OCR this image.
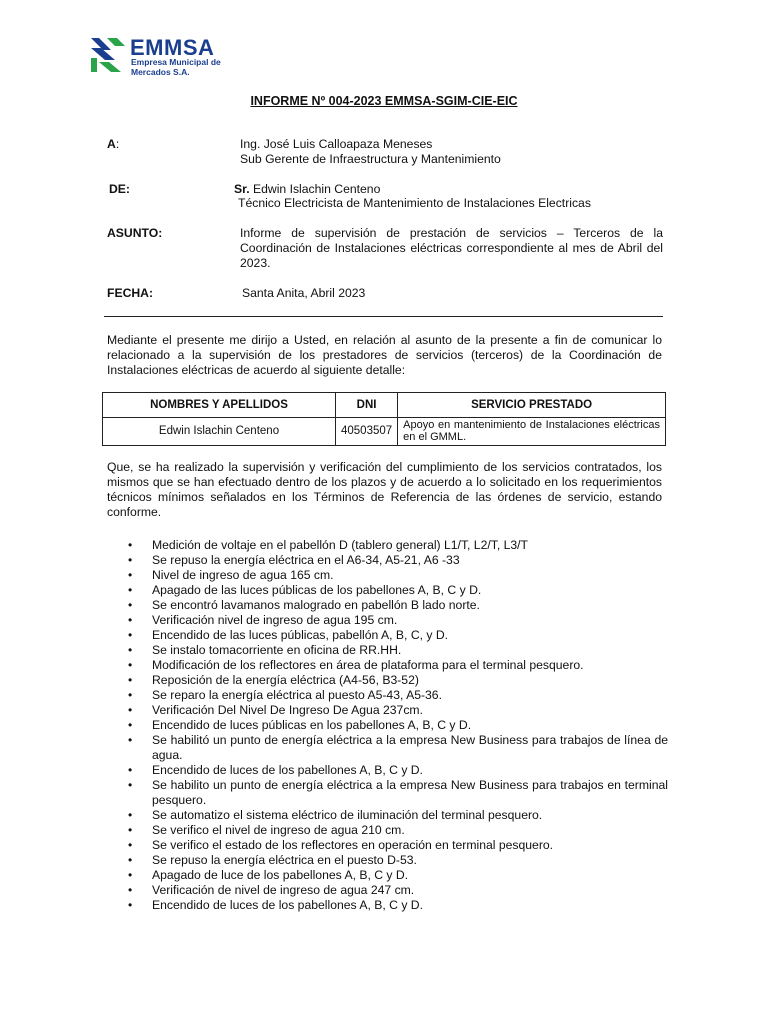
EMMSA
Empresa Municipal de Mercados S.A.
INFORME Nº 004-2023 EMMSA-SGIM-CIE-EIC
A:	Ing. José Luis Calloapaza Meneses
Sub Gerente de Infraestructura y Mantenimiento
DE:	Sr. Edwin Islachin Centeno
Técnico Electricista de Mantenimiento de Instalaciones Electricas
ASUNTO:	Informe de supervisión de prestación de servicios – Terceros de la Coordinación de Instalaciones eléctricas correspondiente al mes de Abril del 2023.
FECHA:	Santa Anita, Abril 2023
Mediante el presente me dirijo a Usted, en relación al asunto de la presente a fin de comunicar lo relacionado a la supervisión de los prestadores de servicios (terceros) de la Coordinación de Instalaciones eléctricas de acuerdo al siguiente detalle:
NOMBRES Y APELLIDOS	DNI	SERVICIO PRESTADO
Edwin Islachin Centeno	40503507	Apoyo en mantenimiento de Instalaciones eléctricas en el GMML.
Que, se ha realizado la supervisión y verificación del cumplimiento de los servicios contratados, los mismos que se han efectuado dentro de los plazos y de acuerdo a lo solicitado en los requerimientos técnicos mínimos señalados en los Términos de Referencia de las órdenes de servicio, estando conforme.
• Medición de voltaje en el pabellón D (tablero general) L1/T, L2/T, L3/T
• Se repuso la energía eléctrica en el A6-34, A5-21, A6 -33
• Nivel de ingreso de agua 165 cm.
• Apagado de las luces públicas de los pabellones A, B, C y D.
• Se encontró lavamanos malogrado en pabellón B lado norte.
• Verificación nivel de ingreso de agua 195 cm.
• Encendido de las luces públicas, pabellón A, B, C, y D.
• Se instalo tomacorriente en oficina de RR.HH.
• Modificación de los reflectores en área de plataforma para el terminal pesquero.
• Reposición de la energía eléctrica (A4-56, B3-52)
• Se reparo la energía eléctrica al puesto A5-43, A5-36.
• Verificación Del Nivel De Ingreso De Agua 237cm.
• Encendido de luces públicas en los pabellones A, B, C y D.
• Se habilitó un punto de energía eléctrica a la empresa New Business para trabajos de línea de agua.
• Encendido de luces de los pabellones A, B, C y D.
• Se habilito un punto de energía eléctrica a la empresa New Business para trabajos en terminal pesquero.
• Se automatizo el sistema eléctrico de iluminación del terminal pesquero.
• Se verifico el nivel de ingreso de agua 210 cm.
• Se verifico el estado de los reflectores en operación en terminal pesquero.
• Se repuso la energía eléctrica en el puesto D-53.
• Apagado de luce de los pabellones A, B, C y D.
• Verificación de nivel de ingreso de agua 247 cm.
• Encendido de luces de los pabellones A, B, C y D.
